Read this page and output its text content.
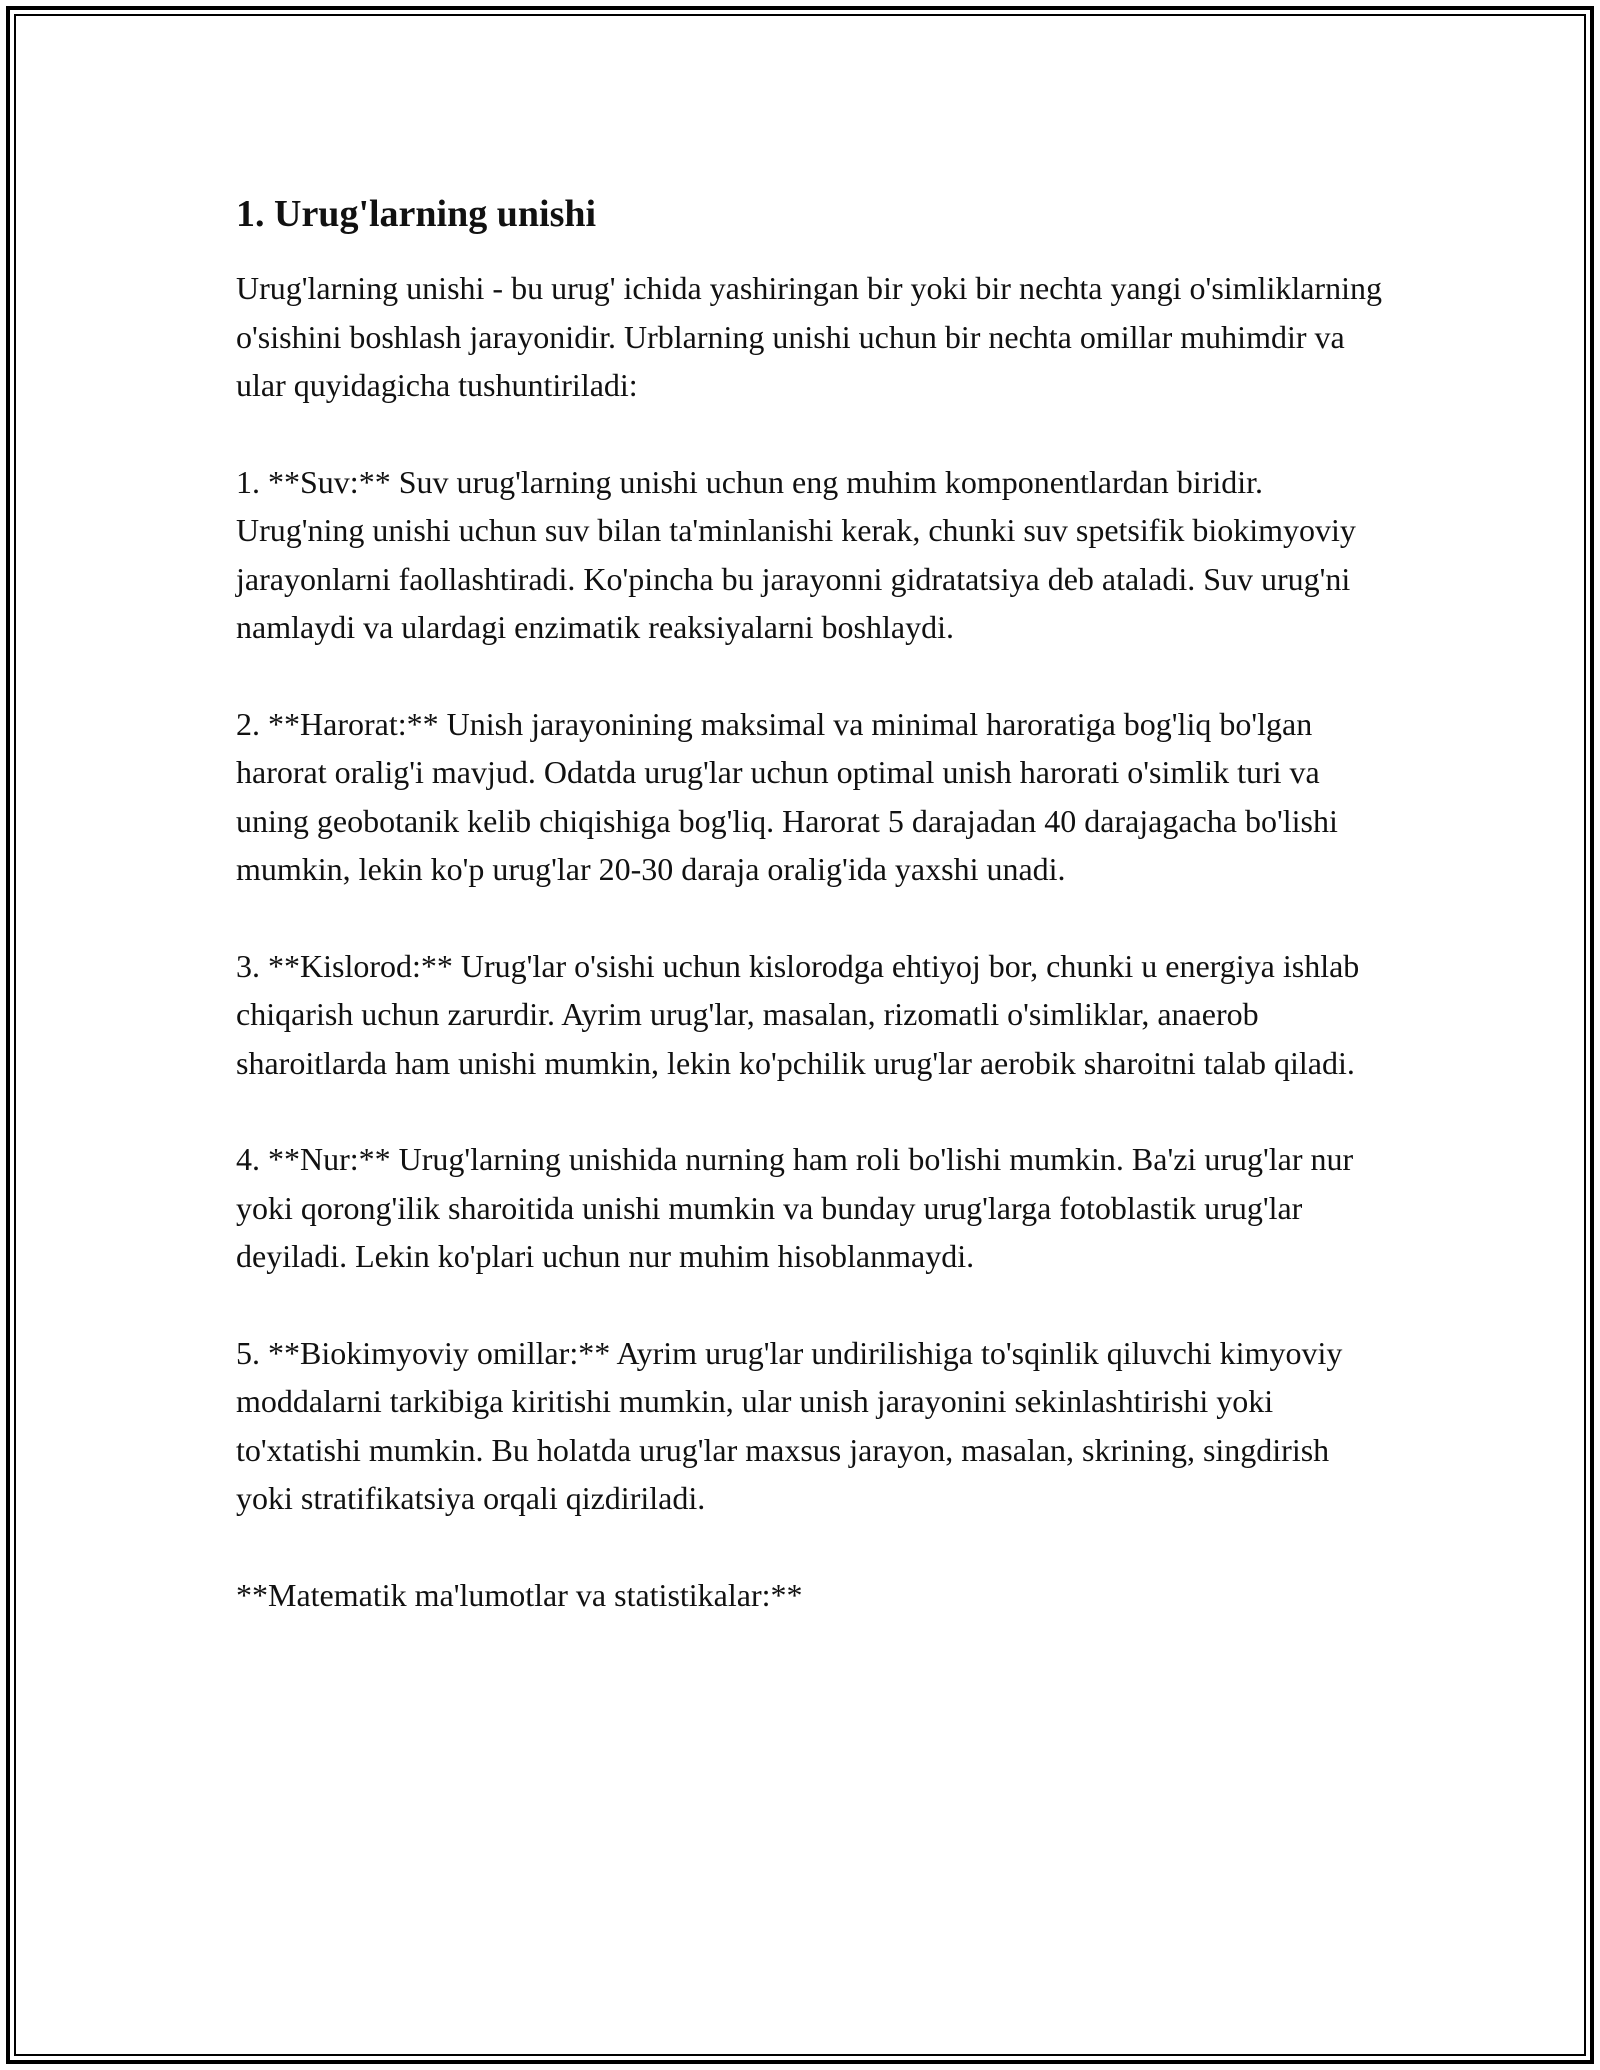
1. Urug'larning unishi

Urug'larning unishi - bu urug' ichida yashiringan bir yoki bir nechta yangi o'simliklarning o'sishini boshlash jarayonidir. Urblarning unishi uchun bir nechta omillar muhimdir va ular quyidagicha tushuntiriladi:

1. **Suv:** Suv urug'larning unishi uchun eng muhim komponentlardan biridir. Urug'ning unishi uchun suv bilan ta'minlanishi kerak, chunki suv spetsifik biokimyoviy jarayonlarni faollashtiradi. Ko'pincha bu jarayonni gidratatsiya deb ataladi. Suv urug'ni namlaydi va ulardagi enzimatik reaksiyalarni boshlaydi.

2. **Harorat:** Unish jarayonining maksimal va minimal haroratiga bog'liq bo'lgan harorat oralig'i mavjud. Odatda urug'lar uchun optimal unish harorati o'simlik turi va uning geobotanik kelib chiqishiga bog'liq. Harorat 5 darajadan 40 darajagacha bo'lishi mumkin, lekin ko'p urug'lar 20-30 daraja oralig'ida yaxshi unadi.

3. **Kislorod:** Urug'lar o'sishi uchun kislorodga ehtiyoj bor, chunki u energiya ishlab chiqarish uchun zarurdir. Ayrim urug'lar, masalan, rizomatli o'simliklar, anaerob sharoitlarda ham unishi mumkin, lekin ko'pchilik urug'lar aerobik sharoitni talab qiladi.

4. **Nur:** Urug'larning unishida nurning ham roli bo'lishi mumkin. Ba'zi urug'lar nur yoki qorong'ilik sharoitida unishi mumkin va bunday urug'larga fotoblastik urug'lar deyiladi. Lekin ko'plari uchun nur muhim hisoblanmaydi.

5. **Biokimyoviy omillar:** Ayrim urug'lar undirilishiga to'sqinlik qiluvchi kimyoviy moddalarni tarkibiga kiritishi mumkin, ular unish jarayonini sekinlashtirishi yoki to'xtatishi mumkin. Bu holatda urug'lar maxsus jarayon, masalan, skrining, singdirish yoki stratifikatsiya orqali qizdiriladi.

**Matematik ma'lumotlar va statistikalar:**
